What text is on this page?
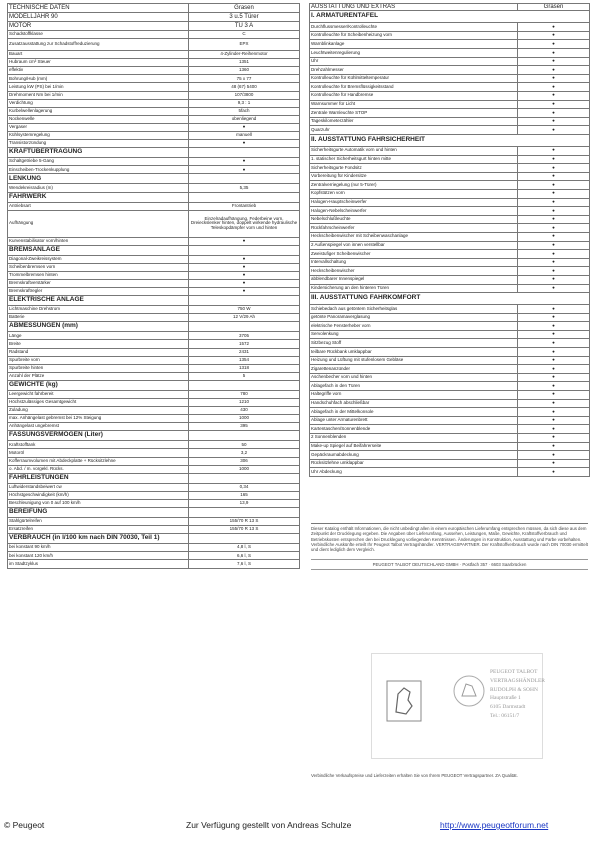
TECHNISCHE DATEN	Grasen
MODELLJAHR 90	3 u.5 Türer
MOTOR	TU 3 A
Schadstoffklasse	C
Zusatzausstattung zur Schadstoffreduzierung	EPX
Bauart	4-Zylinder-Reihenmotor
Hubraum cm³ Steuer	1351
effektiv	1360
Bohrung/Hub (mm)	75 x 77
Leistung kW (PS) bei 1/min	48 (67) 5400
Drehmoment Nm bei 1/min	107/3800
Verdichtung	9,3 : 1
Kurbelwellenlagerung	5fach
Nockenwelle	obenliegend
Vergaser	●
Kühlsystemregelung	manuell
Transistorzündung	●
KRAFTÜBERTRAGUNG	
Schaltgetriebe 5-Gang	●
Einscheiben-Trockenkupplung	●
LENKUNG	
Wendekreisradius (m)	5,35
FAHRWERK	
Antriebsart	Frontantrieb
Aufhängung	Einzelradaufhängung, Federbeine vorn, Dreieckslenker hinten, doppelt wirkende hydraulische Teleskopdämpfer vorn und hinten
Kurvenstabilisator vorn/hinten	●
BREMSANLAGE	
Diagonal-Zweikreissystem	●
Scheibenbremsen vorn	●
Trommelbremsen hinten	●
Bremskraftverstärker	●
Bremskraftregler	●
ELEKTRISCHE ANLAGE	
Lichtmaschine Drehstrom	750 W
Batterie	12 V/29 Ah
ABMESSUNGEN (mm)	
Länge	3705
Breite	1572
Radstand	2431
Spurbreite vorn	1354
Spurbreite hinten	1318
Anzahl der Plätze	5
GEWICHTE (kg)	
Leergewicht fahrbereit	780
Höchstzulässiges Gesamtgewicht	1210
Zuladung	430
max. Anhängelast gebremst bei 12% Steigung	1000
Anhängelast ungebremst	395
FASSUNGSVERMÖGEN (Liter)	
Kraftstofftank	50
Motoröl	3,2
Kofferraumvolumen mit Abdeckplatte + Rücksitzlehne	306
o. Abd. / m. vorgekl. Rücks.	1000
FAHRLEISTUNGEN	
Luftwiderstandsbeiwert cw	0,34
Höchstgeschwindigkeit (km/h)	165
Beschleunigung von 0 auf 100 km/h	13,9
BEREIFUNG	
Stahlgürtelreifen	155/70 R 13 S
Ersatzreifen	155/70 R 13 S
VERBRAUCH (in l/100 km nach DIN 70030, Teil 1)	
bei konstant 90 km/h	4,8 l, S
bei konstant 120 km/h	6,6 l, S
im Stadtzyklus	7,6 l, S
AUSSTATTUNG UND EXTRAS	Grasen
I. ARMATURENTAFEL	
Durchflussmesser/Kontrolleuchte	●
Kontrolleuchte für Scheibenheizung vorn	●
Warnblinkanlage	●
Leuchtweitenregulierung	●
Uhr	●
Drehzahlmesser	●
Kontrolleuchte für Kühlmitteltemperatur	●
Kontrolleuchte für Bremsflüssigkeitsstand	●
Kontrolleuchte für Handbremse	●
Warnsummer für Licht	●
Zentrale Warnleuchte STOP	●
Tageskilometerzähler	●
Quarzuhr	●
II. AUSSTATTUNG FAHRSICHERHEIT	
Sicherheitsgurte Automatik vorn und hinten	●
1. statischer Sicherheitsgurt hinten mitte	●
Sicherheitsgurte Fondsitz	●
Vorbereitung für Kindersitze	●
Zentralverriegelung (nur 5-Türer)	●
Kopfstützen vorn	●
Halogen-Hauptscheinwerfer	●
Halogen-Nebelscheinwerfer	●
Nebelschlußleuchte	●
Rückfahrscheinwerfer	●
Heckscheibenwischer mit Scheibenwaschanlage	●
2 Außenspiegel von innen verstellbar	●
Zweistufiger Scheibenwischer	●
Intervallschaltung	●
Heckscheibenwischer	●
abblendbarer Innenspiegel	●
Kindersicherung an den hinteren Türen	●
III. AUSSTATTUNG FAHRKOMFORT	
Schiebedach aus getöntem Sicherheitsglas	●
getönte Panoramaverglasung	●
elektrische Fensterheber vorn	●
Servolenkung	●
Sitzbezug Stoff	●
teilbare Rückbank umklappbar	●
Heizung und Lüftung mit stufenlosem Gebläse	●
Zigarettenanzünder	●
Aschenbecher vorn und hinten	●
Ablagefach in den Türen	●
Haltegriffe vorn	●
Handschuhfach abschließbar	●
Ablagefach in der Mittelkonsole	●
Ablage unter Armaturenbrett	●
Kartentaschen/Sonnenblende	●
2 Sonnenblenden	●
Make-up Spiegel auf Beifahrerseite	●
Gepäckraumabdeckung	●
Rücksitzlehne umklappbar	●
Uhr Abdeckung	●
Dieser Katalog enthält Informationen, die nicht unbedingt allen in einem europäischen Lieferumfang entsprechen müssen, da sich diese aus dem Zeitpunkt der Drucklegung ergeben. Die Angaben über Lieferumfang, Aussehen, Leistungen, Maße, Gewichte, Kraftstoffverbrauch und Betriebskosten entsprechen den bei Drucklegung vorliegenden Kenntnissen. Änderungen in Konstruktion, Ausstattung und Farbe vorbehalten. Verbindliche Auskünfte erteilt Ihr Peugeot Talbot Vertragshändler. VERTRAGSPARTNER. Der Kraftstoffverbrauch wurde nach DIN 70030 ermittelt und dient lediglich dem Vergleich.
PEUGEOT TALBOT DEUTSCHLAND GMBH · Postfach 357 · 6603 Saarbrücken
PEUGEOT TALBOT
VERTRAGSHÄNDLER
RUDOLPH & SOHN
Hauptstraße 1
6105 Darmstadt
Tel.: 06151/7
Verbindliche Verkaufspreise und Lieferzeiten erhalten Sie von Ihrem PEUGEOT Vertragspartner. ZA Qualität.
© Peugeot	Zur Verfügung gestellt von Andreas Schulze	http://www.peugeotforum.net
